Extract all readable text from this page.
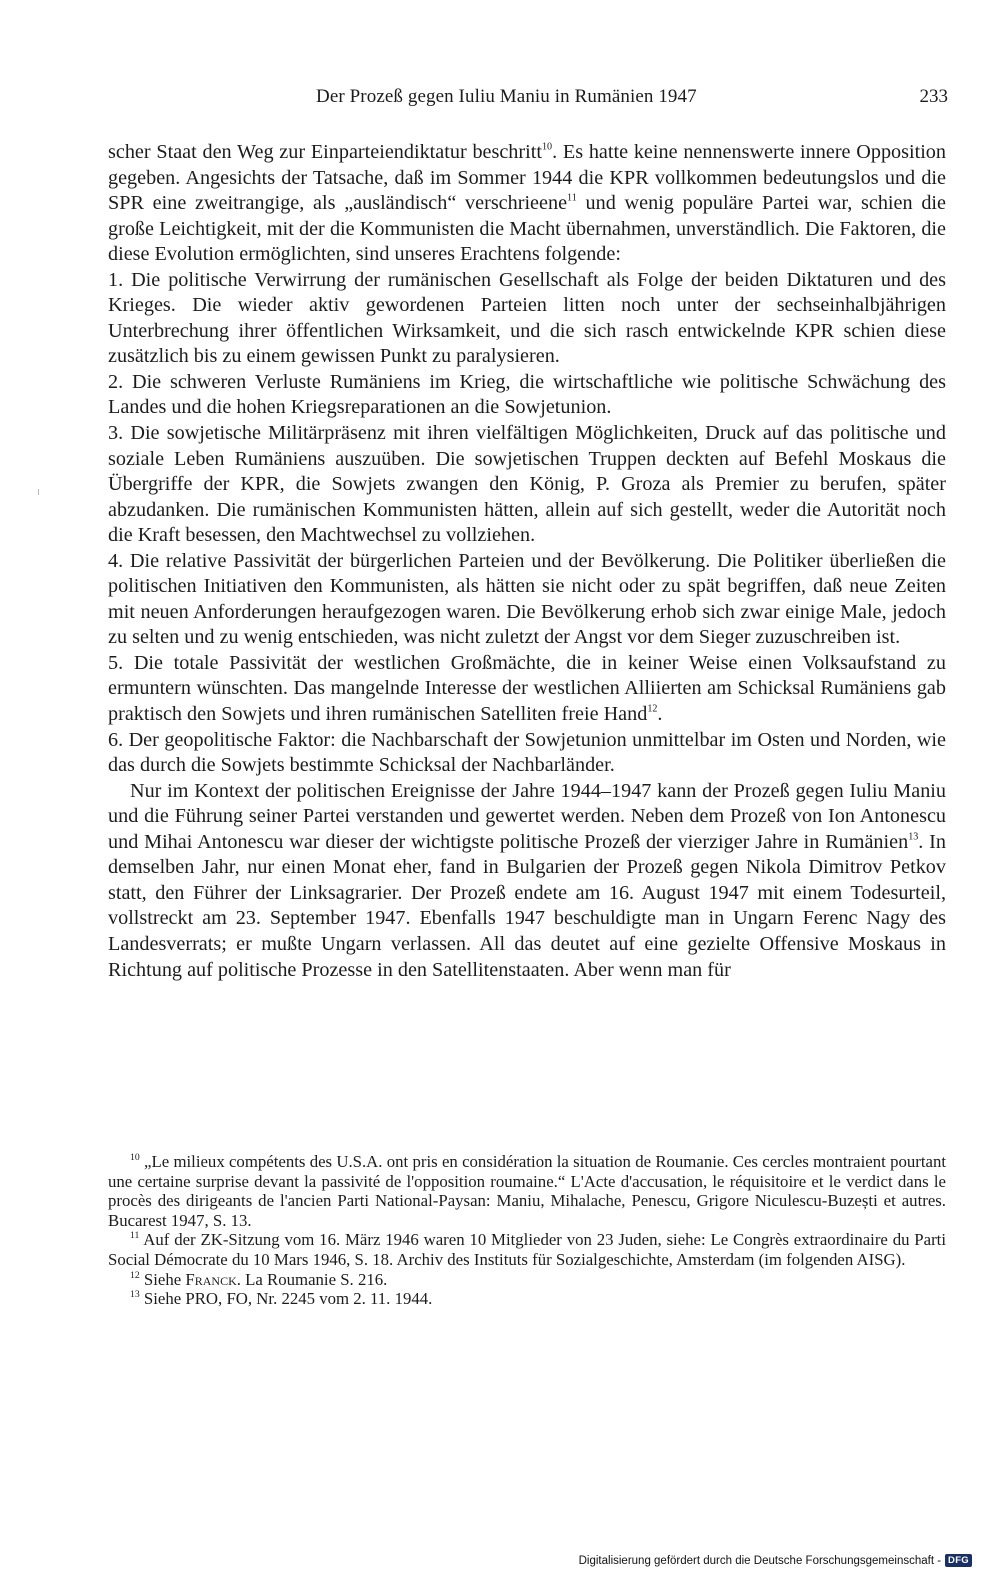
Der Prozeß gegen Iuliu Maniu in Rumänien 1947	233

scher Staat den Weg zur Einparteiendiktatur beschritt$^{10}$. Es hatte keine nennenswerte innere Opposition gegeben. Angesichts der Tatsache, daß im Sommer 1944 die KPR vollkommen bedeutungslos und die SPR eine zweitrangige, als „ausländisch“ verschrieene$^{11}$ und wenig populäre Partei war, schien die große Leichtigkeit, mit der die Kommunisten die Macht übernahmen, unverständlich. Die Faktoren, die diese Evolution ermöglichten, sind unseres Erachtens folgende:

1. Die politische Verwirrung der rumänischen Gesellschaft als Folge der beiden Diktaturen und des Krieges. Die wieder aktiv gewordenen Parteien litten noch unter der sechseinhalbjährigen Unterbrechung ihrer öffentlichen Wirksamkeit, und die sich rasch entwickelnde KPR schien diese zusätzlich bis zu einem gewissen Punkt zu paralysieren.

2. Die schweren Verluste Rumäniens im Krieg, die wirtschaftliche wie politische Schwächung des Landes und die hohen Kriegsreparationen an die Sowjetunion.

3. Die sowjetische Militärpräsenz mit ihren vielfältigen Möglichkeiten, Druck auf das politische und soziale Leben Rumäniens auszuüben. Die sowjetischen Truppen deckten auf Befehl Moskaus die Übergriffe der KPR, die Sowjets zwangen den König, P. Groza als Premier zu berufen, später abzudanken. Die rumänischen Kommunisten hätten, allein auf sich gestellt, weder die Autorität noch die Kraft besessen, den Machtwechsel zu vollziehen.

4. Die relative Passivität der bürgerlichen Parteien und der Bevölkerung. Die Politiker überließen die politischen Initiativen den Kommunisten, als hätten sie nicht oder zu spät begriffen, daß neue Zeiten mit neuen Anforderungen heraufgezogen waren. Die Bevölkerung erhob sich zwar einige Male, jedoch zu selten und zu wenig entschieden, was nicht zuletzt der Angst vor dem Sieger zuzuschreiben ist.

5. Die totale Passivität der westlichen Großmächte, die in keiner Weise einen Volksaufstand zu ermuntern wünschten. Das mangelnde Interesse der westlichen Alliierten am Schicksal Rumäniens gab praktisch den Sowjets und ihren rumänischen Satelliten freie Hand$^{12}$.

6. Der geopolitische Faktor: die Nachbarschaft der Sowjetunion unmittelbar im Osten und Norden, wie das durch die Sowjets bestimmte Schicksal der Nachbarländer.

Nur im Kontext der politischen Ereignisse der Jahre 1944–1947 kann der Prozeß gegen Iuliu Maniu und die Führung seiner Partei verstanden und gewertet werden. Neben dem Prozeß von Ion Antonescu und Mihai Antonescu war dieser der wichtigste politische Prozeß der vierziger Jahre in Rumänien$^{13}$. In demselben Jahr, nur einen Monat eher, fand in Bulgarien der Prozeß gegen Nikola Dimitrov Petkov statt, den Führer der Linksagrarier. Der Prozeß endete am 16. August 1947 mit einem Todesurteil, vollstreckt am 23. September 1947. Ebenfalls 1947 beschuldigte man in Ungarn Ferenc Nagy des Landesverrats; er mußte Ungarn verlassen. All das deutet auf eine gezielte Offensive Moskaus in Richtung auf politische Prozesse in den Satellitenstaaten. Aber wenn man für

$^{10}$ „Le milieux compétents des U.S.A. ont pris en considération la situation de Roumanie. Ces cercles montraient pourtant une certaine surprise devant la passivité de l'opposition roumaine.“ L'Acte d'accusation, le réquisitoire et le verdict dans le procès des dirigeants de l'ancien Parti National-Paysan: Maniu, Mihalache, Penescu, Grigore Niculescu-Buzești et autres. Bucarest 1947, S. 13.

$^{11}$ Auf der ZK-Sitzung vom 16. März 1946 waren 10 Mitglieder von 23 Juden, siehe: Le Congrès extraordinaire du Parti Social Démocrate du 10 Mars 1946, S. 18. Archiv des Instituts für Sozialgeschichte, Amsterdam (im folgenden AISG).

$^{12}$ Siehe Franck. La Roumanie S. 216.

$^{13}$ Siehe PRO, FO, Nr. 2245 vom 2. 11. 1944.

Digitalisierung gefördert durch die Deutsche Forschungsgemeinschaft - DFG
